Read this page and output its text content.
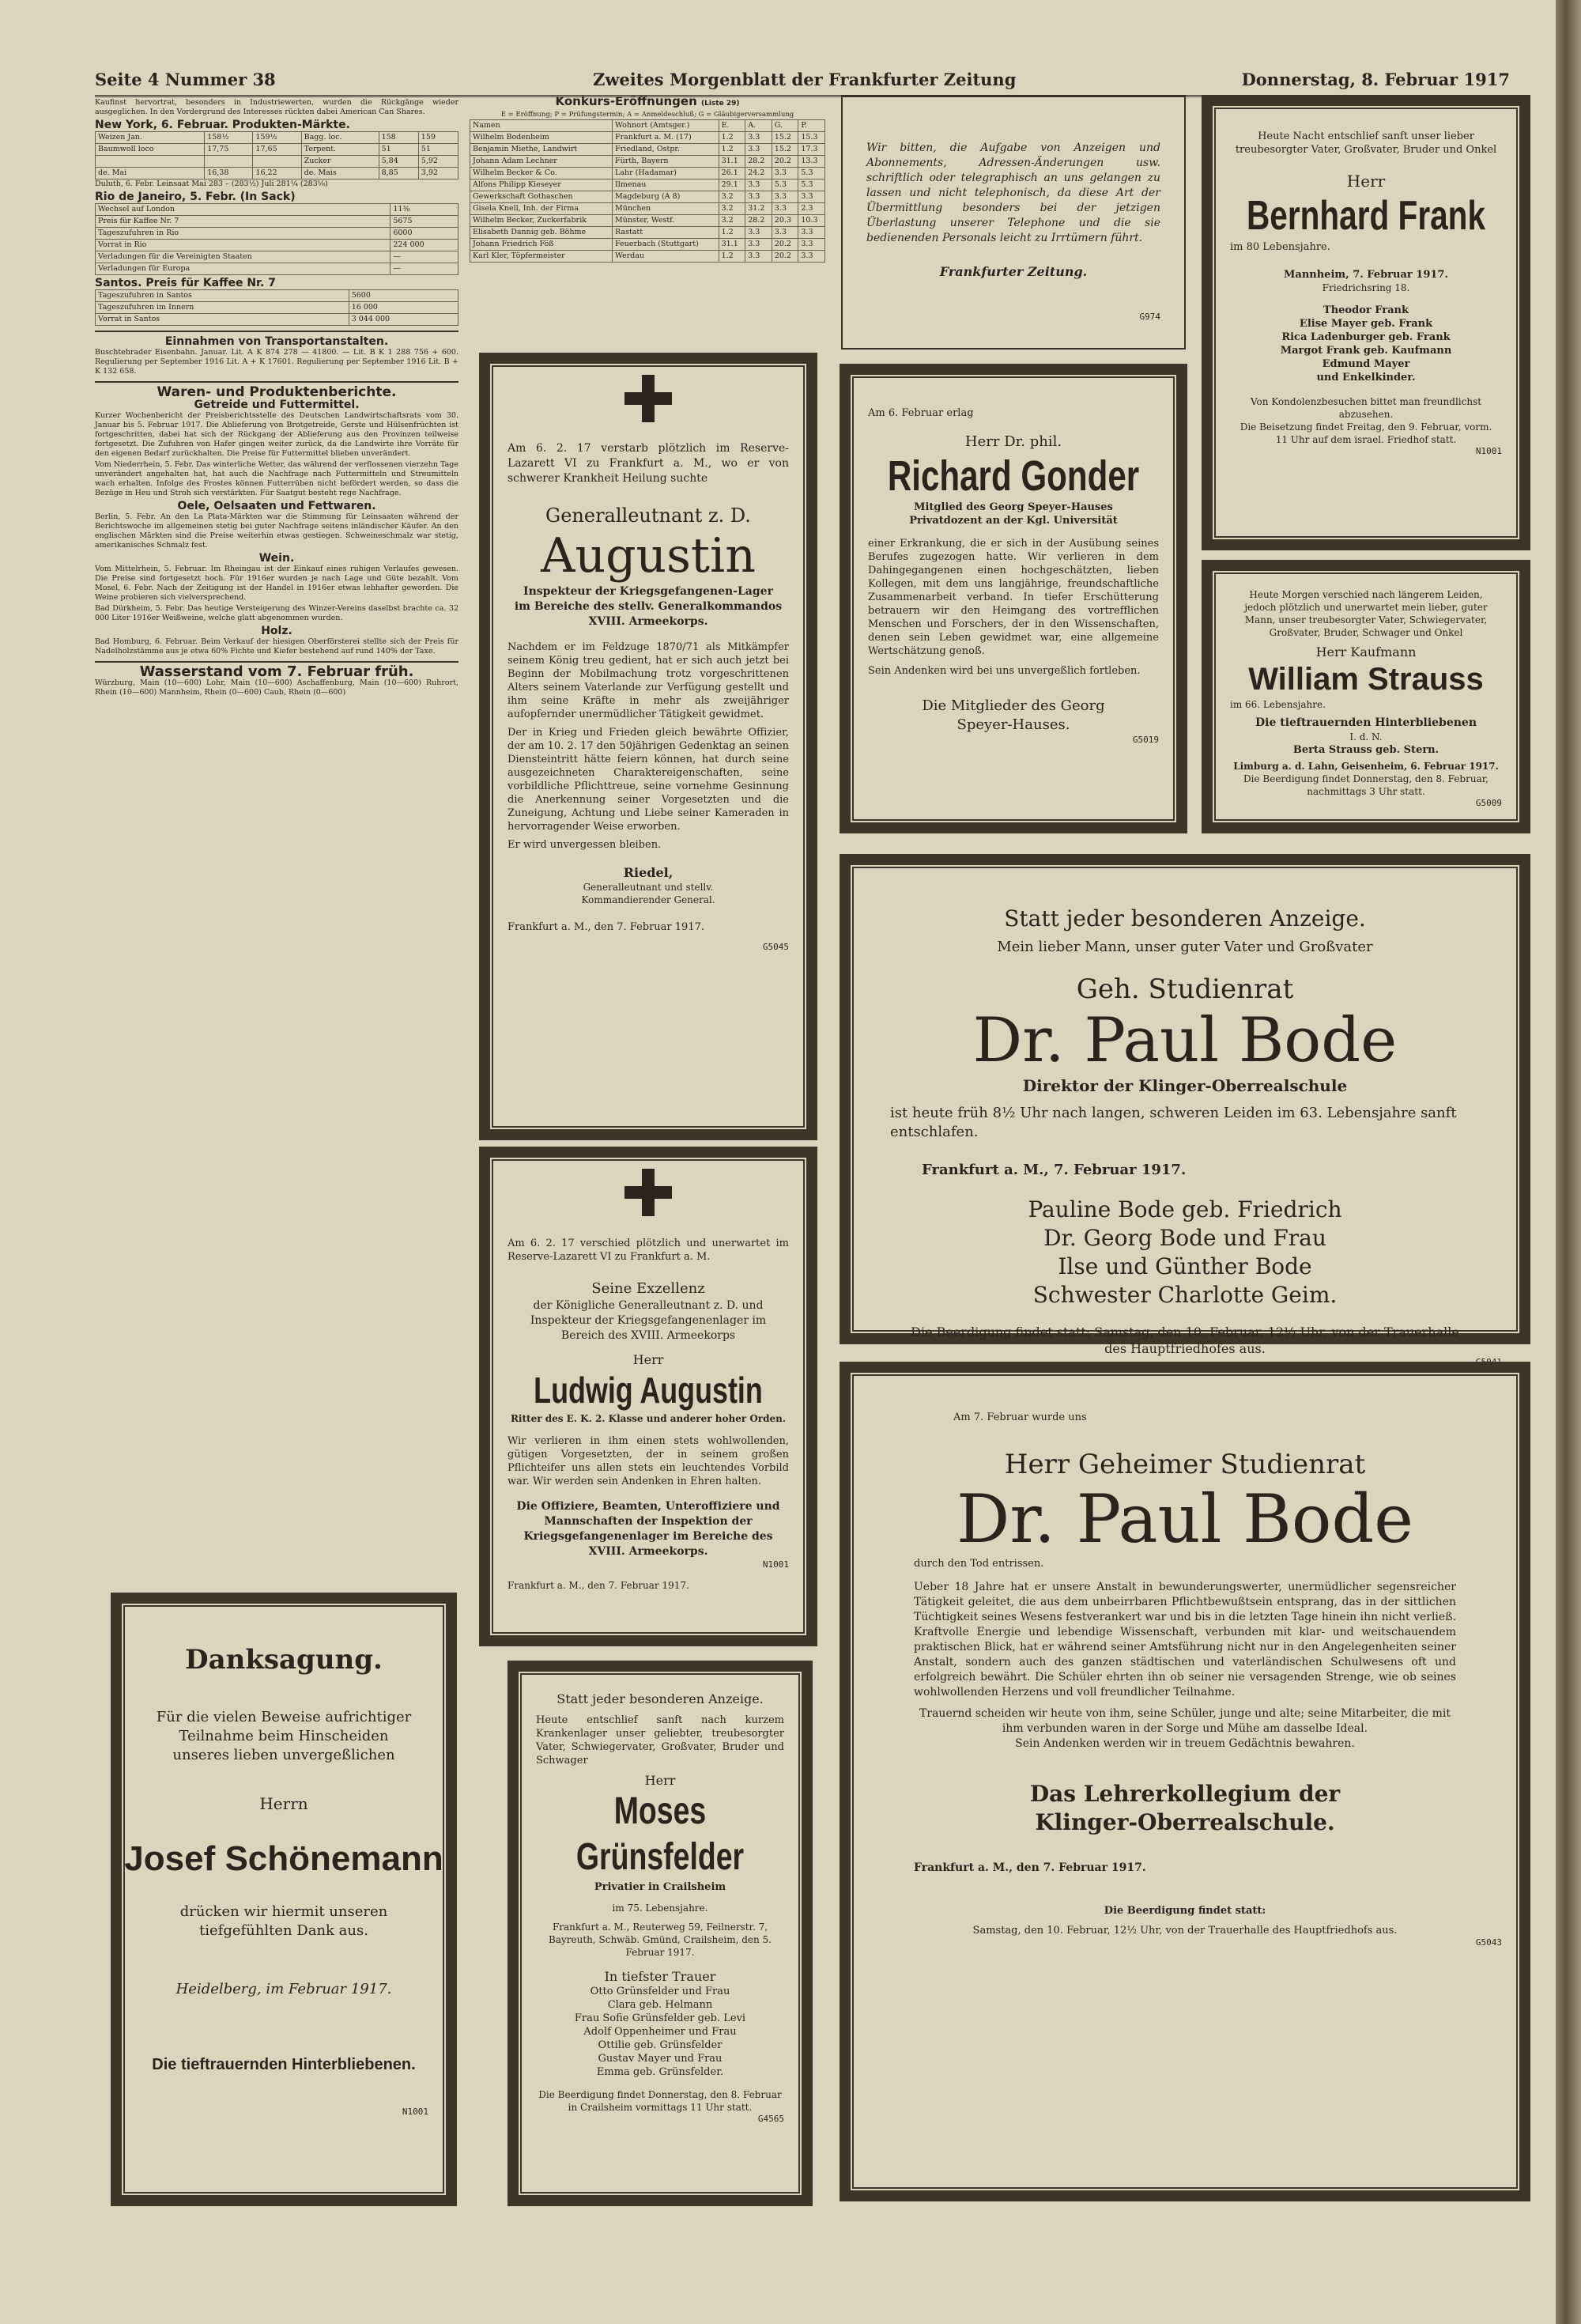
Seite 4 Nummer 38	Zweites Morgenblatt der Frankfurter Zeitung	Donnerstag, 8. Februar 1917

Kaufinst hervortrat, besonders in Industriewerten, wurden die Rückgänge wieder ausgeglichen. In den Vordergrund des Interesses rückten dabei American Can Shares.

New York, 6. Februar. Produkten-Märkte.
Weizen Jan.	158½	159½	Bagg. loc.	158	159
Baumwoll loco	17,75	17,65	Terpent.	51	51
			Zucker	5,84	5,92
de. Mai	16,38	16,22	de. Mais	8,85	3,92

Duluth, 6. Febr. Leinsaat Mai 283 – (283½) Juli 281¼ (283⅛)

Rio de Janeiro, 5. Febr. (In Sack)
Wechsel auf London	11⅜
Preis für Kaffee Nr. 7	5675
Tageszufuhren in Rio	6000
Vorrat in Rio	224 000
Verladungen für die Vereinigten Staaten	—
Verladungen für Europa	—
Santos. Preis für Kaffee Nr. 7
Tageszufuhren in Santos	5600
Tageszufuhren im Innern	16 000
Vorrat in Santos	3 044 000
Einnahmen von Transportanstalten.

Buschtehrader Eisenbahn. Januar. Lit. A K 874 278 — 41800. — Lit. B K 1 288 756 + 600. Regulierung per September 1916 Lit. A + K 17601. Regulierung per September 1916 Lit. B + K 132 658.

Waren- und Produktenberichte.
Getreide und Futtermittel.

Kurzer Wochenbericht der Preisberichtsstelle des Deutschen Landwirtschaftsrats vom 30. Januar bis 5. Februar 1917. Die Ablieferung von Brotgetreide, Gerste und Hülsenfrüchten ist fortgeschritten, dabei hat sich der Rückgang der Ablieferung aus den Provinzen teilweise fortgesetzt. Die Zufuhren von Hafer gingen weiter zurück, da die Landwirte ihre Vorräte für den eigenen Bedarf zurückhalten. Die Preise für Futtermittel blieben unverändert.

Vom Niederrhein, 5. Febr. Das winterliche Wetter, das während der verflossenen vierzehn Tage unverändert angehalten hat, hat auch die Nachfrage nach Futtermitteln und Streumitteln wach erhalten. Infolge des Frostes können Futterrüben nicht befördert werden, so dass die Bezüge in Heu und Stroh sich verstärkten. Für Saatgut besteht rege Nachfrage.

Oele, Oelsaaten und Fettwaren.

Berlin, 5. Febr. An den La Plata-Märkten war die Stimmung für Leinsaaten während der Berichtswoche im allgemeinen stetig bei guter Nachfrage seitens inländischer Käufer. An den englischen Märkten sind die Preise weiterhin etwas gestiegen. Schweineschmalz war stetig, amerikanisches Schmalz fest.

Wein.

Vom Mittelrhein, 5. Februar. Im Rheingau ist der Einkauf eines ruhigen Verlaufes gewesen. Die Preise sind fortgesetzt hoch. Für 1916er wurden je nach Lage und Güte bezahlt. Vom Mosel, 6. Febr. Nach der Zeitigung ist der Handel in 1916er etwas lebhafter geworden. Die Weine probieren sich vielversprechend.

Bad Dürkheim, 5. Febr. Das heutige Versteigerung des Winzer-Vereins daselbst brachte ca. 32 000 Liter 1916er Weißweine, welche glatt abgenommen wurden.

Holz.

Bad Homburg, 6. Februar. Beim Verkauf der hiesigen Oberförsterei stellte sich der Preis für Nadelholzstämme aus je etwa 60% Fichte und Kiefer bestehend auf rund 140% der Taxe.

Wasserstand vom 7. Februar früh.

Würzburg, Main (10—600) Lohr, Main (10—600) Aschaffenburg, Main (10—600) Ruhrort, Rhein (10—600) Mannheim, Rhein (0—600) Caub, Rhein (0—600)

Danksagung.
Für die vielen Beweise aufrichtiger Teilnahme beim Hinscheiden unseres lieben unvergeßlichen
Herrn
Josef Schönemann
drücken wir hiermit unseren tiefgefühlten Dank aus.
Heidelberg, im Februar 1917.
Die tieftrauernden Hinterbliebenen.
N1001
Konkurs-Eröffnungen (Liste 29)
E = Eröffnung; P = Prüfungstermin; A = Anmeldeschluß; G = Gläubigerversammlung
Namen	Wohnort (Amtsger.)	E.	A.	G.	P.
Wilhelm Bodenheim	Frankfurt a. M. (17)	1.2	3.3	15.2	15.3
Benjamin Miethe, Landwirt	Friedland, Ostpr.	1.2	3.3	15.2	17.3
Johann Adam Lechner	Fürth, Bayern	31.1	28.2	20.2	13.3
Wilhelm Becker & Co.	Lahr (Hadamar)	26.1	24.2	3.3	5.3
Alfons Philipp Kieseyer	Ilmenau	29.1	3.3	5.3	5.3
Gewerkschaft Gothaschen	Magdeburg (A 8)	3.2	3.3	3.3	3.3
Gisela Knell, Inh. der Firma	München	3.2	31.2	3.3	2.3
Wilhelm Becker, Zuckerfabrik	Münster, Westf.	3.2	28.2	20.3	10.3
Elisabeth Dannig geb. Böhme	Rastatt	1.2	3.3	3.3	3.3
Johann Friedrich Föß	Feuerbach (Stuttgart)	31.1	3.3	20.2	3.3
Karl Kler, Töpfermeister	Werdau	1.2	3.3	20.2	3.3
Wir bitten, die Aufgabe von Anzeigen und Abonnements, Adressen-Änderungen usw. schriftlich oder telegraphisch an uns gelangen zu lassen und nicht telephonisch, da diese Art der Übermittlung besonders bei der jetzigen Überlastung unserer Telephone und die sie bedienenden Personals leicht zu Irrtümern führt.
Frankfurter Zeitung.
G974
Am 6. 2. 17 verstarb plötzlich im Reserve-Lazarett VI zu Frankfurt a. M., wo er von schwerer Krankheit Heilung suchte
Generalleutnant z. D.
Augustin
Inspekteur der Kriegsgefangenen-Lager im Bereiche des stellv. Generalkommandos XVIII. Armeekorps.
Nachdem er im Feldzuge 1870/71 als Mitkämpfer seinem König treu gedient, hat er sich auch jetzt bei Beginn der Mobilmachung trotz vorgeschrittenen Alters seinem Vaterlande zur Verfügung gestellt und ihm seine Kräfte in mehr als zweijähriger aufopfernder unermüdlicher Tätigkeit gewidmet.
Der in Krieg und Frieden gleich bewährte Offizier, der am 10. 2. 17 den 50jährigen Gedenktag an seinen Diensteintritt hätte feiern können, hat durch seine ausgezeichneten Charaktereigenschaften, seine vorbildliche Pflichttreue, seine vornehme Gesinnung die Anerkennung seiner Vorgesetzten und die Zuneigung, Achtung und Liebe seiner Kameraden in hervorragender Weise erworben.
Er wird unvergessen bleiben.
Riedel,
Generalleutnant und stellv. Kommandierender General.
Frankfurt a. M., den 7. Februar 1917.
G5045
Am 6. 2. 17 verschied plötzlich und unerwartet im Reserve-Lazarett VI zu Frankfurt a. M.
Seine Exzellenz
der Königliche Generalleutnant z. D. und Inspekteur der Kriegsgefangenenlager im Bereich des XVIII. Armeekorps
Herr
Ludwig Augustin
Ritter des E. K. 2. Klasse und anderer hoher Orden.
Wir verlieren in ihm einen stets wohlwollenden, gütigen Vorgesetzten, der in seinem großen Pflichteifer uns allen stets ein leuchtendes Vorbild war. Wir werden sein Andenken in Ehren halten.
Die Offiziere, Beamten, Unteroffiziere und Mannschaften der Inspektion der Kriegsgefangenenlager im Bereiche des XVIII. Armeekorps.
N1001
Frankfurt a. M., den 7. Februar 1917.
Statt jeder besonderen Anzeige.
Heute entschlief sanft nach kurzem Krankenlager unser geliebter, treubesorgter Vater, Schwiegervater, Großvater, Bruder und Schwager
Herr
Moses Grünsfelder
Privatier in Crailsheim
im 75. Lebensjahre.
Frankfurt a. M., Reuterweg 59, Feilnerstr. 7, Bayreuth, Schwäb. Gmünd, Crailsheim, den 5. Februar 1917.
In tiefster Trauer
Otto Grünsfelder und Frau
Clara geb. Helmann
Frau Sofie Grünsfelder geb. Levi
Adolf Oppenheimer und Frau
Ottilie geb. Grünsfelder
Gustav Mayer und Frau
Emma geb. Grünsfelder.
Die Beerdigung findet Donnerstag, den 8. Februar in Crailsheim vormittags 11 Uhr statt.
G4565
Am 6. Februar erlag
Herr Dr. phil.
Richard Gonder
Mitglied des Georg Speyer-Hauses
Privatdozent an der Kgl. Universität
einer Erkrankung, die er sich in der Ausübung seines Berufes zugezogen hatte. Wir verlieren in dem Dahingegangenen einen hochgeschätzten, lieben Kollegen, mit dem uns langjährige, freundschaftliche Zusammenarbeit verband. In tiefer Erschütterung betrauern wir den Heimgang des vortrefflichen Menschen und Forschers, der in den Wissenschaften, denen sein Leben gewidmet war, eine allgemeine Wertschätzung genoß.
Sein Andenken wird bei uns unvergeßlich fortleben.
Die Mitglieder des Georg Speyer-Hauses.
G5019
Heute Nacht entschlief sanft unser lieber treubesorgter Vater, Großvater, Bruder und Onkel
Herr
Bernhard Frank
im 80 Lebensjahre.
Mannheim, 7. Februar 1917.
Friedrichsring 18.
Theodor Frank
Elise Mayer geb. Frank
Rica Ladenburger geb. Frank
Margot Frank geb. Kaufmann
Edmund Mayer
und Enkelkinder.
Von Kondolenzbesuchen bittet man freundlichst abzusehen.
Die Beisetzung findet Freitag, den 9. Februar, vorm. 11 Uhr auf dem israel. Friedhof statt.
N1001
Heute Morgen verschied nach längerem Leiden, jedoch plötzlich und unerwartet mein lieber, guter Mann, unser treubesorgter Vater, Schwiegervater, Großvater, Bruder, Schwager und Onkel
Herr Kaufmann
William Strauss
im 66. Lebensjahre.
Die tieftrauernden Hinterbliebenen
I. d. N.
Berta Strauss geb. Stern.
Limburg a. d. Lahn, Geisenheim, 6. Februar 1917.
Die Beerdigung findet Donnerstag, den 8. Februar, nachmittags 3 Uhr statt.
G5009
Statt jeder besonderen Anzeige.
Mein lieber Mann, unser guter Vater und Großvater
Geh. Studienrat
Dr. Paul Bode
Direktor der Klinger-Oberrealschule
ist heute früh 8½ Uhr nach langen, schweren Leiden im 63. Lebensjahre sanft entschlafen.
Frankfurt a. M., 7. Februar 1917.
Pauline Bode geb. Friedrich
Dr. Georg Bode und Frau
Ilse und Günther Bode
Schwester Charlotte Geim.
Die Beerdigung findet statt: Samstag, den 10. Februar, 12½ Uhr, von der Trauerhalle des Hauptfriedhofes aus.
Am 7. Februar wurde uns
Herr Geheimer Studienrat
Dr. Paul Bode
durch den Tod entrissen.
Ueber 18 Jahre hat er unsere Anstalt in bewunderungswerter, unermüdlicher segensreicher Tätigkeit geleitet, die aus dem unbeirrbaren Pflichtbewußtsein entsprang, das in der sittlichen Tüchtigkeit seines Wesens festverankert war und bis in die letzten Tage hinein ihn nicht verließ. Kraftvolle Energie und lebendige Wissenschaft, verbunden mit klar- und weitschauendem praktischen Blick, hat er während seiner Amtsführung nicht nur in den Angelegenheiten seiner Anstalt, sondern auch des ganzen städtischen und vaterländischen Schulwesens oft und erfolgreich bewährt. Die Schüler ehrten ihn ob seiner nie versagenden Strenge, wie ob seines wohlwollenden Herzens und voll freundlicher Teilnahme.
Trauernd scheiden wir heute von ihm, seine Schüler, junge und alte; seine Mitarbeiter, die mit ihm verbunden waren in der Sorge und Mühe am dasselbe Ideal.
Sein Andenken werden wir in treuem Gedächtnis bewahren.
Das Lehrerkollegium der Klinger-Oberrealschule.
Frankfurt a. M., den 7. Februar 1917.
Die Beerdigung findet statt:
Samstag, den 10. Februar, 12½ Uhr, von der Trauerhalle des Hauptfriedhofs aus.
G5043
